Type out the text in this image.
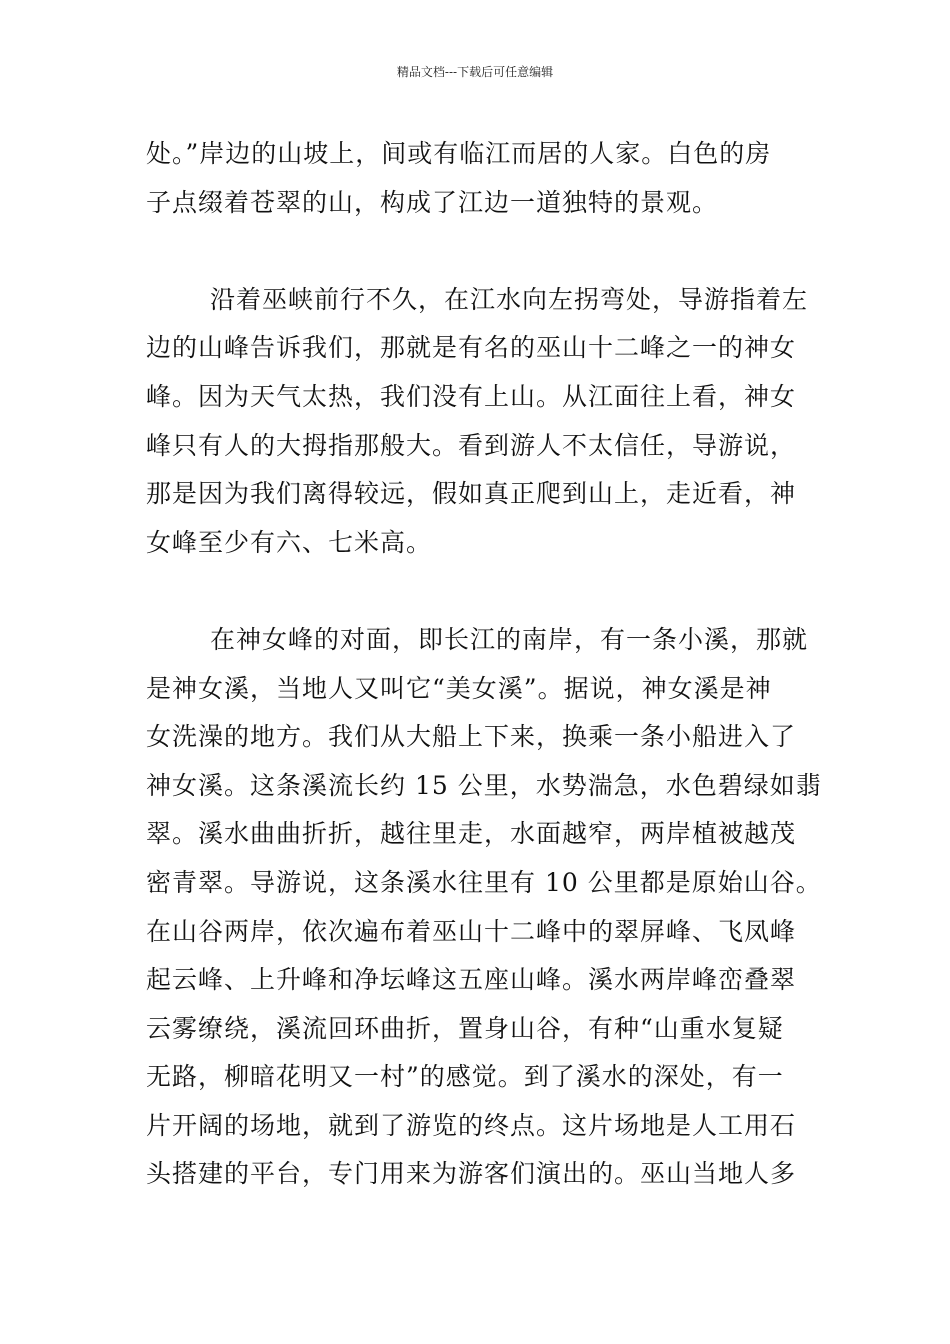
精品文档---下载后可任意编辑
处。”岸边的山坡上，间或有临江而居的人家。白色的房
子点缀着苍翠的山，构成了江边一道独特的景观。
沿着巫峡前行不久，在江水向左拐弯处，导游指着左
边的山峰告诉我们，那就是有名的巫山十二峰之一的神女
峰。因为天气太热，我们没有上山。从江面往上看，神女
峰只有人的大拇指那般大。看到游人不太信任，导游说，
那是因为我们离得较远，假如真正爬到山上，走近看，神
女峰至少有六、七米高。
在神女峰的对面，即长江的南岸，有一条小溪，那就
是神女溪，当地人又叫它“美女溪”。据说，神女溪是神
女洗澡的地方。我们从大船上下来，换乘一条小船进入了
神女溪。这条溪流长约 15 公里，水势湍急，水色碧绿如翡
翠。溪水曲曲折折，越往里走，水面越窄，两岸植被越茂
密青翠。导游说，这条溪水往里有 10 公里都是原始山谷。
在山谷两岸，依次遍布着巫山十二峰中的翠屏峰、飞凤峰
起云峰、上升峰和净坛峰这五座山峰。溪水两岸峰峦叠翠
云雾缭绕，溪流回环曲折，置身山谷，有种“山重水复疑
无路，柳暗花明又一村”的感觉。到了溪水的深处，有一
片开阔的场地，就到了游览的终点。这片场地是人工用石
头搭建的平台，专门用来为游客们演出的。巫山当地人多
